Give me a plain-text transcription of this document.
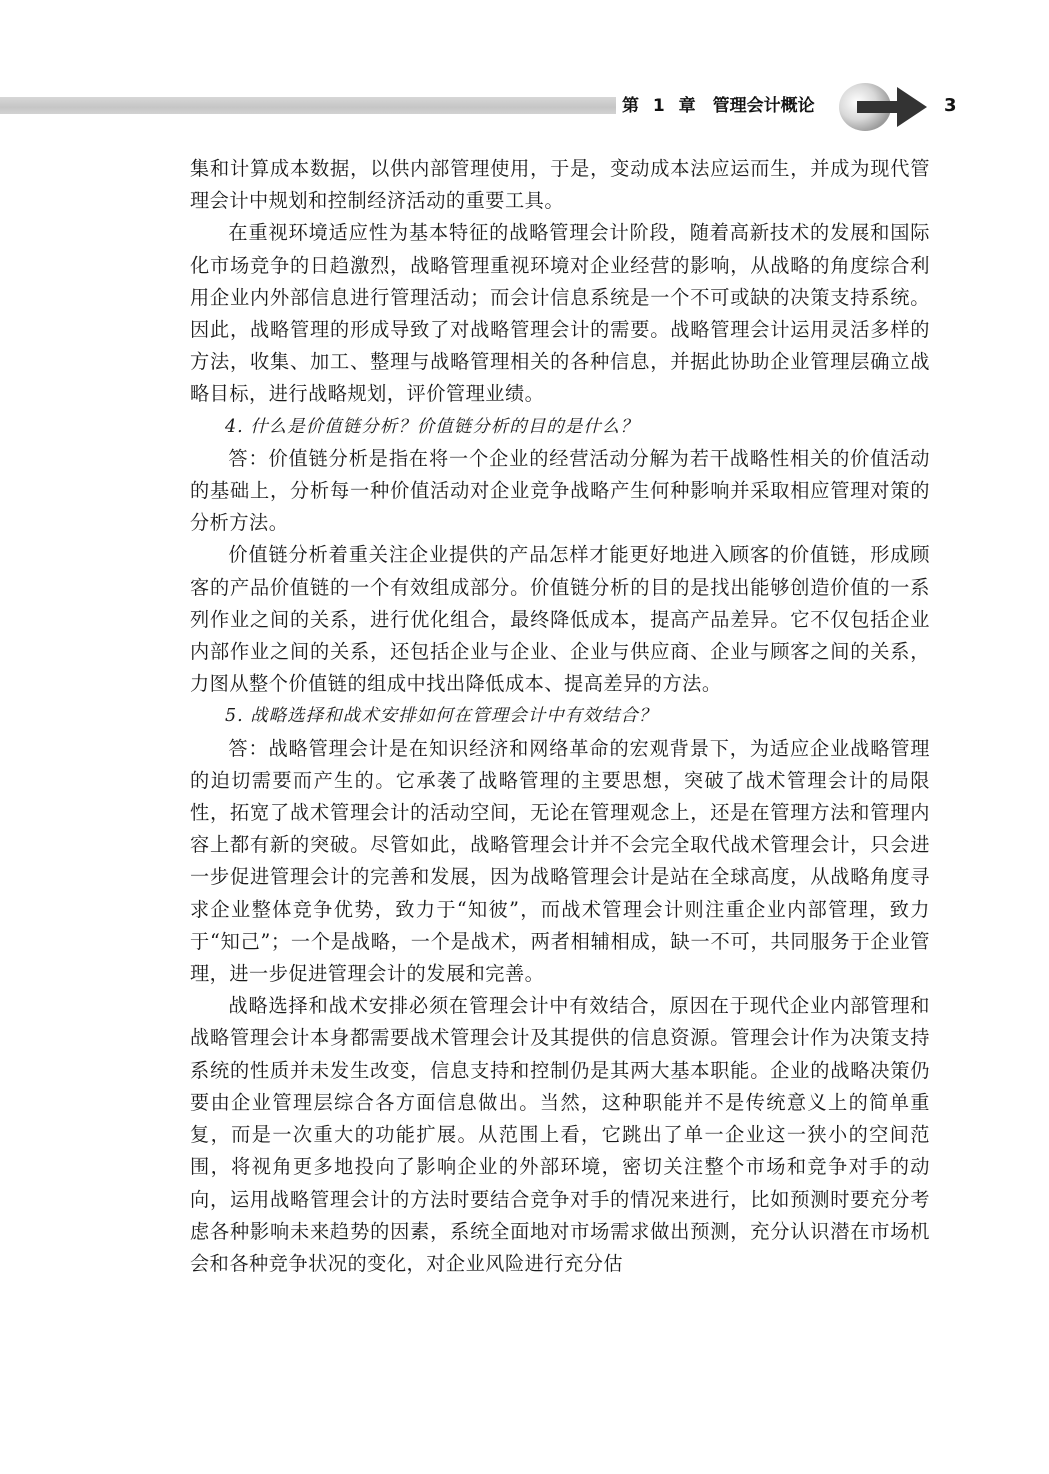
第 1 章　管理会计概论	3

集和计算成本数据，以供内部管理使用，于是，变动成本法应运而生，并成为现代管理会计中规划和控制经济活动的重要工具。

在重视环境适应性为基本特征的战略管理会计阶段，随着高新技术的发展和国际化市场竞争的日趋激烈，战略管理重视环境对企业经营的影响，从战略的角度综合利用企业内外部信息进行管理活动；而会计信息系统是一个不可或缺的决策支持系统。因此，战略管理的形成导致了对战略管理会计的需要。战略管理会计运用灵活多样的方法，收集、加工、整理与战略管理相关的各种信息，并据此协助企业管理层确立战略目标，进行战略规划，评价管理业绩。

4. 什么是价值链分析？价值链分析的目的是什么？

答：价值链分析是指在将一个企业的经营活动分解为若干战略性相关的价值活动的基础上，分析每一种价值活动对企业竞争战略产生何种影响并采取相应管理对策的分析方法。

价值链分析着重关注企业提供的产品怎样才能更好地进入顾客的价值链，形成顾客的产品价值链的一个有效组成部分。价值链分析的目的是找出能够创造价值的一系列作业之间的关系，进行优化组合，最终降低成本，提高产品差异。它不仅包括企业内部作业之间的关系，还包括企业与企业、企业与供应商、企业与顾客之间的关系，力图从整个价值链的组成中找出降低成本、提高差异的方法。

5. 战略选择和战术安排如何在管理会计中有效结合？

答：战略管理会计是在知识经济和网络革命的宏观背景下，为适应企业战略管理的迫切需要而产生的。它承袭了战略管理的主要思想，突破了战术管理会计的局限性，拓宽了战术管理会计的活动空间，无论在管理观念上，还是在管理方法和管理内容上都有新的突破。尽管如此，战略管理会计并不会完全取代战术管理会计，只会进一步促进管理会计的完善和发展，因为战略管理会计是站在全球高度，从战略角度寻求企业整体竞争优势，致力于“知彼”，而战术管理会计则注重企业内部管理，致力于“知己”；一个是战略，一个是战术，两者相辅相成，缺一不可，共同服务于企业管理，进一步促进管理会计的发展和完善。

战略选择和战术安排必须在管理会计中有效结合，原因在于现代企业内部管理和战略管理会计本身都需要战术管理会计及其提供的信息资源。管理会计作为决策支持系统的性质并未发生改变，信息支持和控制仍是其两大基本职能。企业的战略决策仍要由企业管理层综合各方面信息做出。当然，这种职能并不是传统意义上的简单重复，而是一次重大的功能扩展。从范围上看，它跳出了单一企业这一狭小的空间范围，将视角更多地投向了影响企业的外部环境，密切关注整个市场和竞争对手的动向，运用战略管理会计的方法时要结合竞争对手的情况来进行，比如预测时要充分考虑各种影响未来趋势的因素，系统全面地对市场需求做出预测，充分认识潜在市场机会和各种竞争状况的变化，对企业风险进行充分估
